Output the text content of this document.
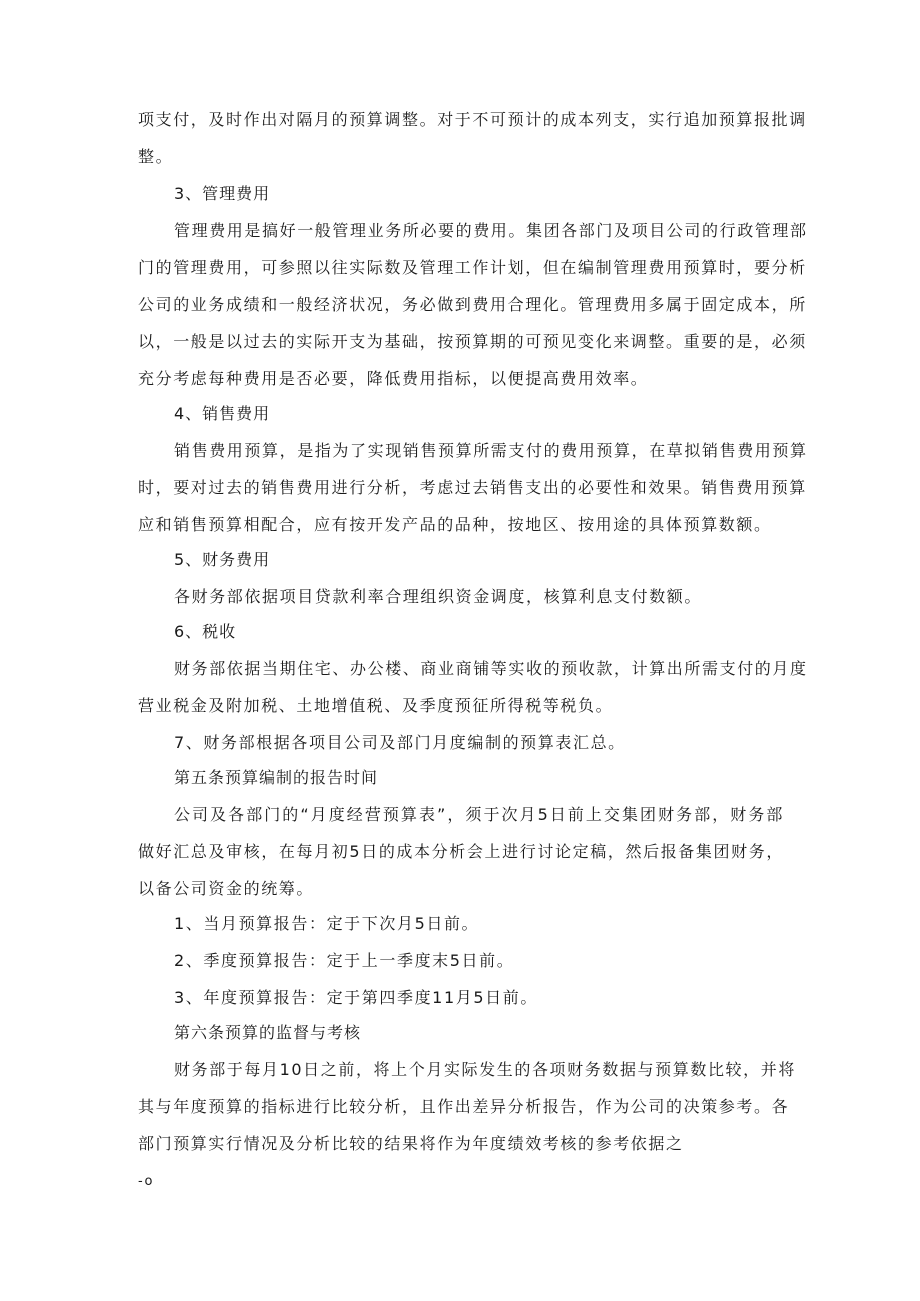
项支付，及时作出对隔月的预算调整。对于不可预计的成本列支，实行追加预算报批调
整。
3、管理费用
管理费用是搞好一般管理业务所必要的费用。集团各部门及项目公司的行政管理部
门的管理费用，可参照以往实际数及管理工作计划，但在编制管理费用预算时，要分析
公司的业务成绩和一般经济状况，务必做到费用合理化。管理费用多属于固定成本，所
以，一般是以过去的实际开支为基础，按预算期的可预见变化来调整。重要的是，必须
充分考虑每种费用是否必要，降低费用指标，以便提高费用效率。
4、销售费用
销售费用预算，是指为了实现销售预算所需支付的费用预算，在草拟销售费用预算
时，要对过去的销售费用进行分析，考虑过去销售支出的必要性和效果。销售费用预算
应和销售预算相配合，应有按开发产品的品种，按地区、按用途的具体预算数额。
5、财务费用
各财务部依据项目贷款利率合理组织资金调度，核算利息支付数额。
6、税收
财务部依据当期住宅、办公楼、商业商铺等实收的预收款，计算出所需支付的月度
营业税金及附加税、土地增值税、及季度预征所得税等税负。
7、财务部根据各项目公司及部门月度编制的预算表汇总。
第五条预算编制的报告时间
公司及各部门的“月度经营预算表”，须于次月5日前上交集团财务部，财务部
做好汇总及审核，在每月初5日的成本分析会上进行讨论定稿，然后报备集团财务，
以备公司资金的统筹。
1、当月预算报告：定于下次月5日前。
2、季度预算报告：定于上一季度末5日前。
3、年度预算报告：定于第四季度11月5日前。
第六条预算的监督与考核
财务部于每月10日之前，将上个月实际发生的各项财务数据与预算数比较，并将
其与年度预算的指标进行比较分析，且作出差异分析报告，作为公司的决策参考。各
部门预算实行情况及分析比较的结果将作为年度绩效考核的参考依据之
-o
